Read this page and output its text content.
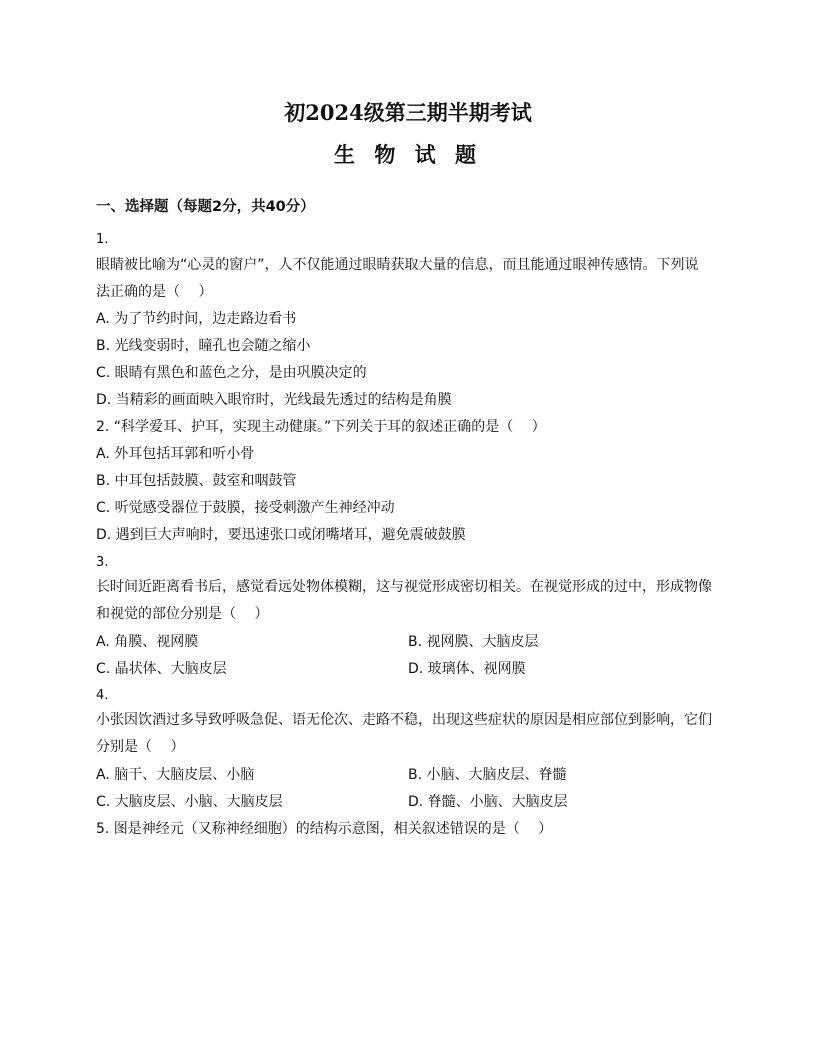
初2024级第三期半期考试
生 物 试 题
一、选择题（每题2分，共40分）
1.
眼睛被比喻为“心灵的窗户”，人不仅能通过眼睛获取大量的信息，而且能通过眼神传感情。下列说
法正确的是（　 ）
A. 为了节约时间，边走路边看书
B. 光线变弱时，瞳孔也会随之缩小
C. 眼睛有黑色和蓝色之分，是由巩膜决定的
D. 当精彩的画面映入眼帘时，光线最先透过的结构是角膜
2. “科学爱耳、护耳，实现主动健康。”下列关于耳的叙述正确的是（　 ）
A. 外耳包括耳郭和听小骨
B. 中耳包括鼓膜、鼓室和咽鼓管
C. 听觉感受器位于鼓膜，接受刺激产生神经冲动
D. 遇到巨大声响时，要迅速张口或闭嘴堵耳，避免震破鼓膜
3.
长时间近距离看书后，感觉看远处物体模糊，这与视觉形成密切相关。在视觉形成的过中，形成物像
和视觉的部位分别是（　 ）
A. 角膜、视网膜	B. 视网膜、大脑皮层
C. 晶状体、大脑皮层	D. 玻璃体、视网膜
4.
小张因饮酒过多导致呼吸急促、语无伦次、走路不稳，出现这些症状的原因是相应部位到影响，它们
分别是（　 ）
A. 脑干、大脑皮层、小脑	B. 小脑、大脑皮层、脊髓
C. 大脑皮层、小脑、大脑皮层	D. 脊髓、小脑、大脑皮层
5. 图是神经元（又称神经细胞）的结构示意图，相关叙述错误的是（　 ）
